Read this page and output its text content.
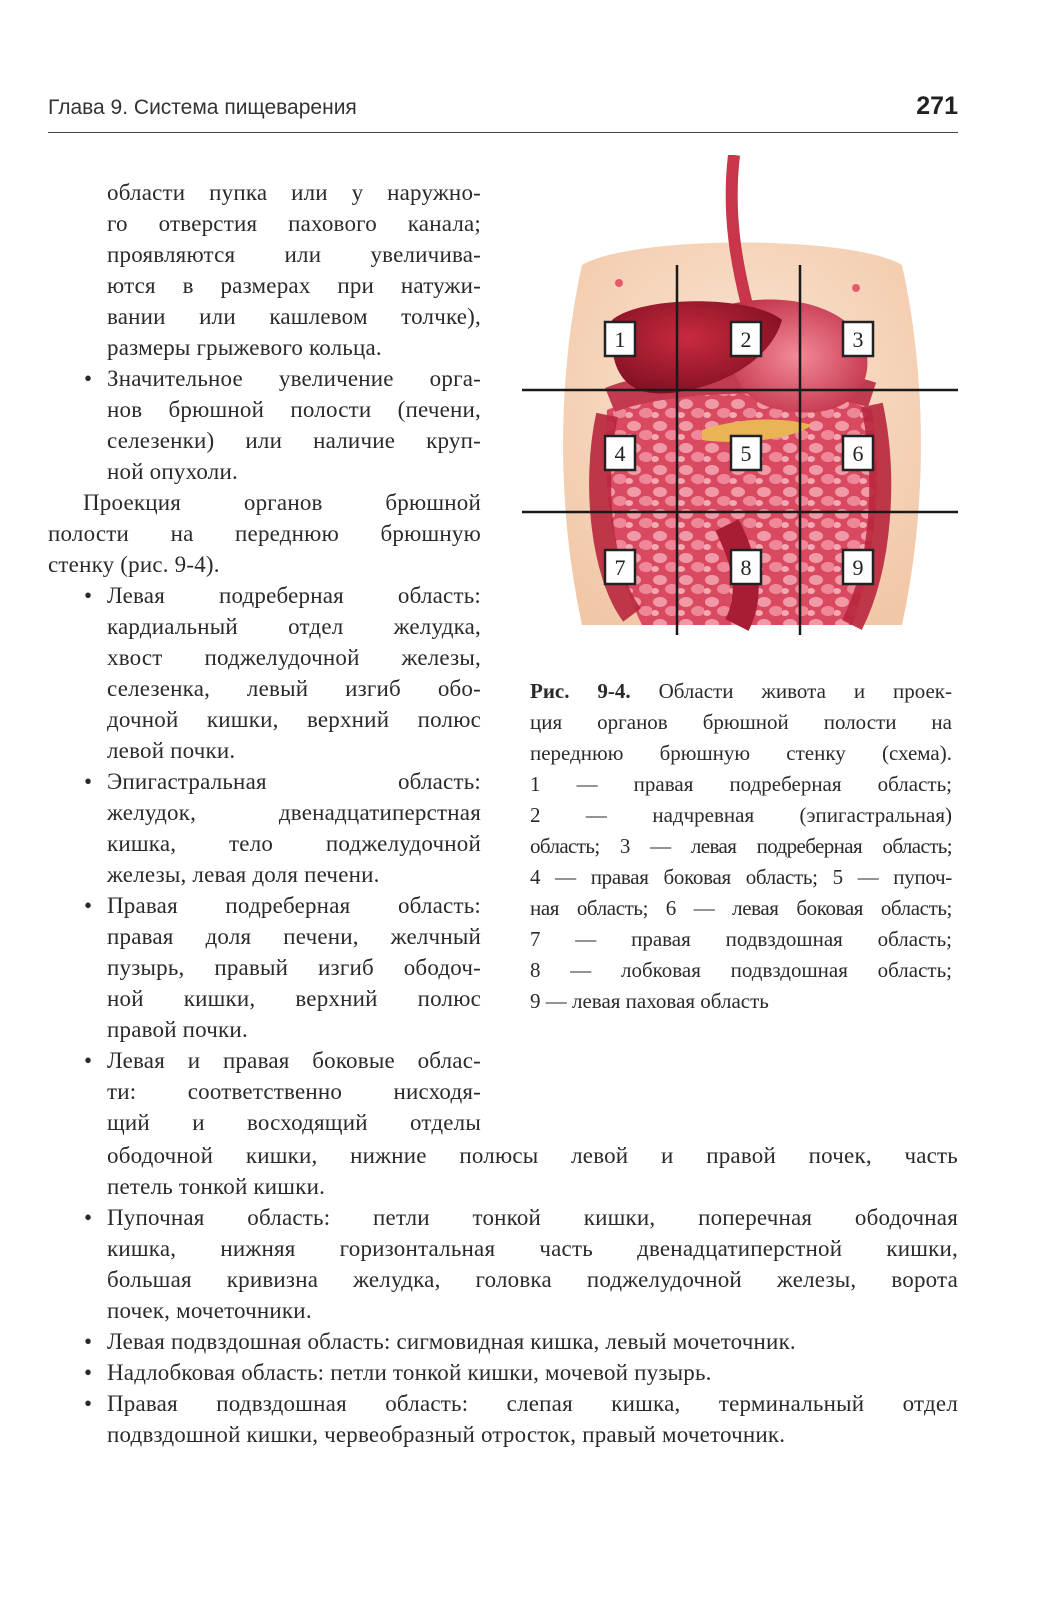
Глава 9. Система пищеварения	271
области пупка или у наружно-
го отверстия пахового канала;
проявляются или увеличива-
ются в размерах при натужи-
вании или кашлевом толчке),
размеры грыжевого кольца.
• Значительное увеличение орга-
нов брюшной полости (печени,
селезенки) или наличие круп-
ной опухоли.
Проекция органов брюшной
полости на переднюю брюшную
стенку (рис. 9-4).
• Левая подреберная область:
кардиальный отдел желудка,
хвост поджелудочной железы,
селезенка, левый изгиб обо-
дочной кишки, верхний полюс
левой почки.
• Эпигастральная область:
желудок, двенадцатиперстная
кишка, тело поджелудочной
железы, левая доля печени.
• Правая подреберная область:
правая доля печени, желчный
пузырь, правый изгиб ободоч-
ной кишки, верхний полюс
правой почки.
• Левая и правая боковые облас-
ти: соответственно нисходя-
щий и восходящий отделы
ободочной кишки, нижние полюсы левой и правой почек, часть
петель тонкой кишки.
• Пупочная область: петли тонкой кишки, поперечная ободочная
кишка, нижняя горизонтальная часть двенадцатиперстной кишки,
большая кривизна желудка, головка поджелудочной железы, ворота
почек, мочеточники.
• Левая подвздошная область: сигмовидная кишка, левый мочеточник.
• Надлобковая область: петли тонкой кишки, мочевой пузырь.
• Правая подвздошная область: слепая кишка, терминальный отдел
подвздошной кишки, червеобразный отросток, правый мочеточник.
1	2	3
4	5	6
7	8	9
Рис. 9-4. Области живота и проек-
ция органов брюшной полости на
переднюю брюшную стенку (схема).
1 — правая подреберная область;
2 — надчревная (эпигастральная)
область; 3 — левая подреберная область;
4 — правая боковая область; 5 — пупоч-
ная область; 6 — левая боковая область;
7 — правая подвздошная область;
8 — лобковая подвздошная область;
9 — левая паховая область
